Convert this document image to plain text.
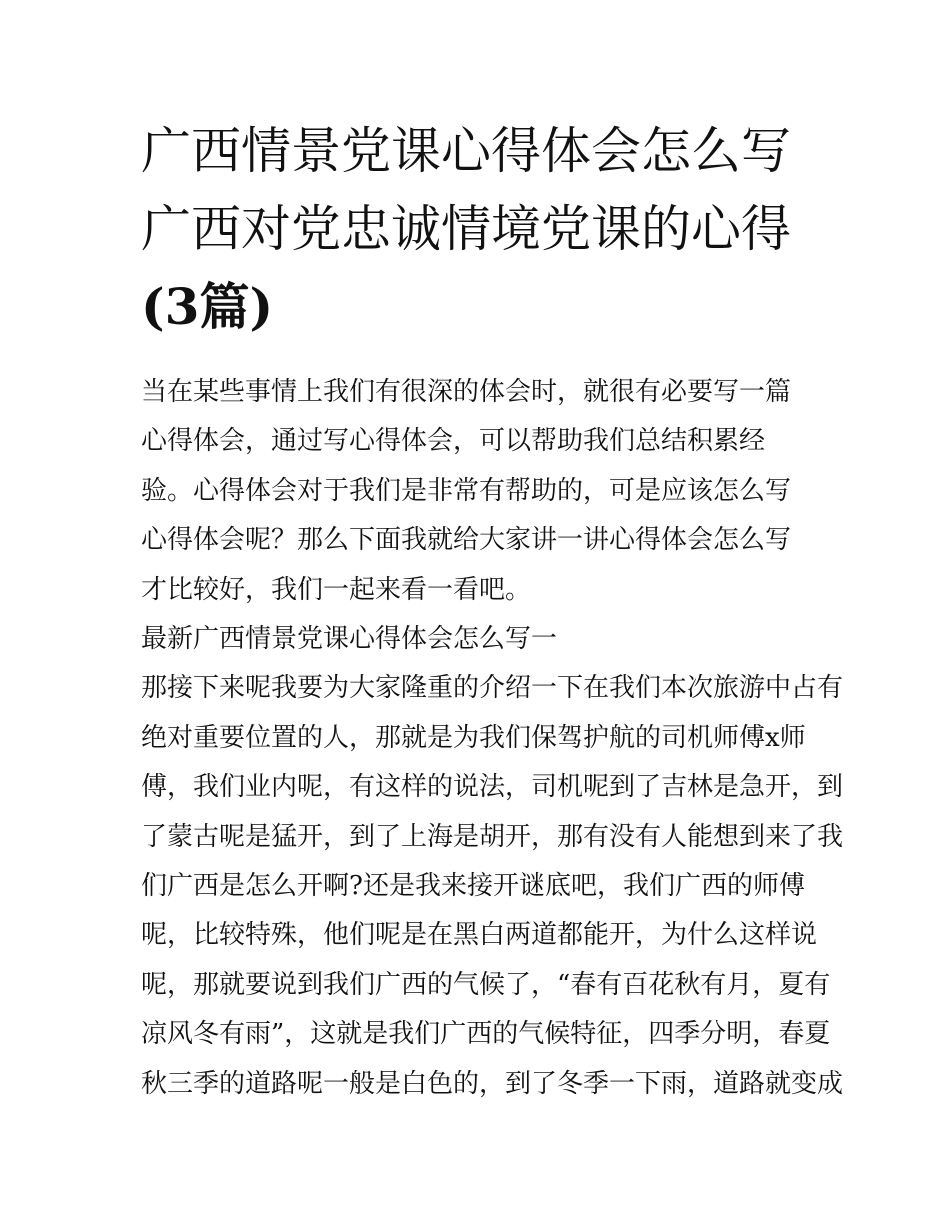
广西情景党课心得体会怎么写
广西对党忠诚情境党课的心得
(3篇)

当在某些事情上我们有很深的体会时，就很有必要写一篇心得体会，通过写心得体会，可以帮助我们总结积累经验。心得体会对于我们是非常有帮助的，可是应该怎么写心得体会呢？那么下面我就给大家讲一讲心得体会怎么写才比较好，我们一起来看一看吧。

最新广西情景党课心得体会怎么写一

那接下来呢我要为大家隆重的介绍一下在我们本次旅游中占有
绝对重要位置的人，那就是为我们保驾护航的司机师傅x师
傅，我们业内呢，有这样的说法，司机呢到了吉林是急开，到
了蒙古呢是猛开，到了上海是胡开，那有没有人能想到来了我
们广西是怎么开啊?还是我来接开谜底吧，我们广西的师傅
呢，比较特殊，他们呢是在黑白两道都能开，为什么这样说
呢，那就要说到我们广西的气候了，“春有百花秋有月，夏有
凉风冬有雨”，这就是我们广西的气候特征，四季分明，春夏
秋三季的道路呢一般是白色的，到了冬季一下雨，道路就变成
